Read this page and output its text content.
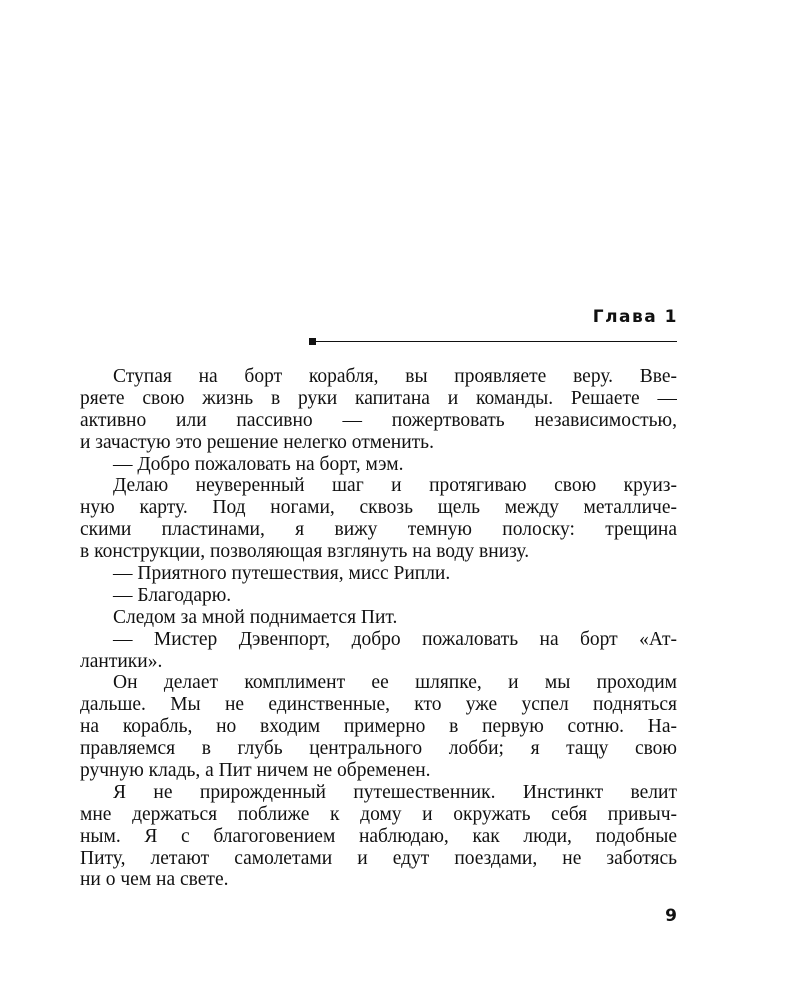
Глава 1
Ступая на борт корабля, вы проявляете веру. Вве-
ряете свою жизнь в руки капитана и команды. Решаете —
активно или пассивно — пожертвовать независимостью,
и зачастую это решение нелегко отменить.
— Добро пожаловать на борт, мэм.
Делаю неуверенный шаг и протягиваю свою круиз-
ную карту. Под ногами, сквозь щель между металличе-
скими пластинами, я вижу темную полоску: трещина
в конструкции, позволяющая взглянуть на воду внизу.
— Приятного путешествия, мисс Рипли.
— Благодарю.
Следом за мной поднимается Пит.
— Мистер Дэвенпорт, добро пожаловать на борт «Ат-
лантики».
Он делает комплимент ее шляпке, и мы проходим
дальше. Мы не единственные, кто уже успел подняться
на корабль, но входим примерно в первую сотню. На-
правляемся в глубь центрального лобби; я тащу свою
ручную кладь, а Пит ничем не обременен.
Я не прирожденный путешественник. Инстинкт велит
мне держаться поближе к дому и окружать себя привыч-
ным. Я с благоговением наблюдаю, как люди, подобные
Питу, летают самолетами и едут поездами, не заботясь
ни о чем на свете.

9
